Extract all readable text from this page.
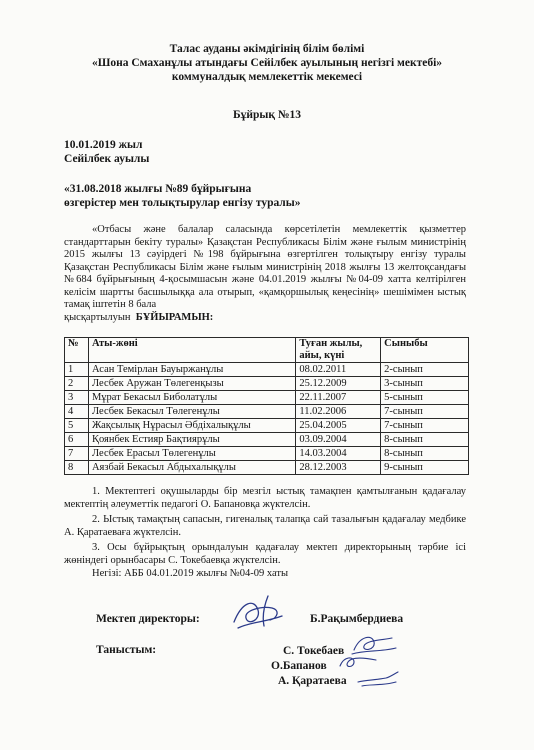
Талас ауданы әкімдігінің білім бөлімі
«Шона Смаханұлы атындағы Сейілбек ауылының негізгі мектебі»
коммуналдық мемлекеттік мекемесі
Бұйрық №13
10.01.2019 жыл
Сейілбек ауылы
«31.08.2018 жылғы №89 бұйрығына
өзгерістер мен толықтырулар енгізу туралы»
«Отбасы және балалар саласында көрсетілетін мемлекеттік қызметтер стандарттарын бекіту туралы» Қазақстан Республикасы Білім және ғылым министрінің 2015 жылғы 13 сәуірдегі №198 бұйрығына өзгертілген толықтыру енгізу туралы Қазақстан Республикасы Білім және ғылым министрінің 2018 жылғы 13 желтоқсандағы №684 бұйрығының 4-қосымшасын және 04.01.2019 жылғы №04-09 хатта келтірілген келісім шартты басшылыққа ала отырып, «қамқоршылық кеңесінің» шешімімен ыстық тамақ іштетін 8 бала
қысқартылуын БҰЙЫРАМЫН:
№	Аты-жөні	Туған жылы, айы, күні	Сыныбы
1	Асан Темірлан Бауыржанұлы	08.02.2011	2-сынып
2	Лесбек Аружан Төлегенқызы	25.12.2009	3-сынып
3	Мұрат Бекасыл Биболатұлы	22.11.2007	5-сынып
4	Лесбек Бекасыл Төлегенұлы	11.02.2006	7-сынып
5	Жақсылық Нұрасыл Әбдіхалықұлы	25.04.2005	7-сынып
6	Қоянбек Естияр Бақтиярұлы	03.09.2004	8-сынып
7	Лесбек Ерасыл Төлегенұлы	14.03.2004	8-сынып
8	Аязбай Бекасыл Абдыхалықұлы	28.12.2003	9-сынып
1. Мектептегі оқушыларды бір мезгіл ыстық тамақпен қамтылғанын қадағалау мектептің әлеуметтік педагогі О. Бапановқа жүктелсін.
2. Ыстық тамақтың сапасын, гигеналық талапқа сай тазалығын қадағалау медбике А. Қаратаеваға жүктелсін.
3. Осы бұйрықтың орындалуын қадағалау мектеп директорының тәрбие ісі жөніндегі орынбасары С. Токебаевқа жүктелсін.
Негізі: АББ 04.01.2019 жылғы №04-09 хаты
Мектеп директоры:	Б.Рақымбердиева
Таныстым:	С. Токебаев
О.Бапанов
А. Қаратаева
